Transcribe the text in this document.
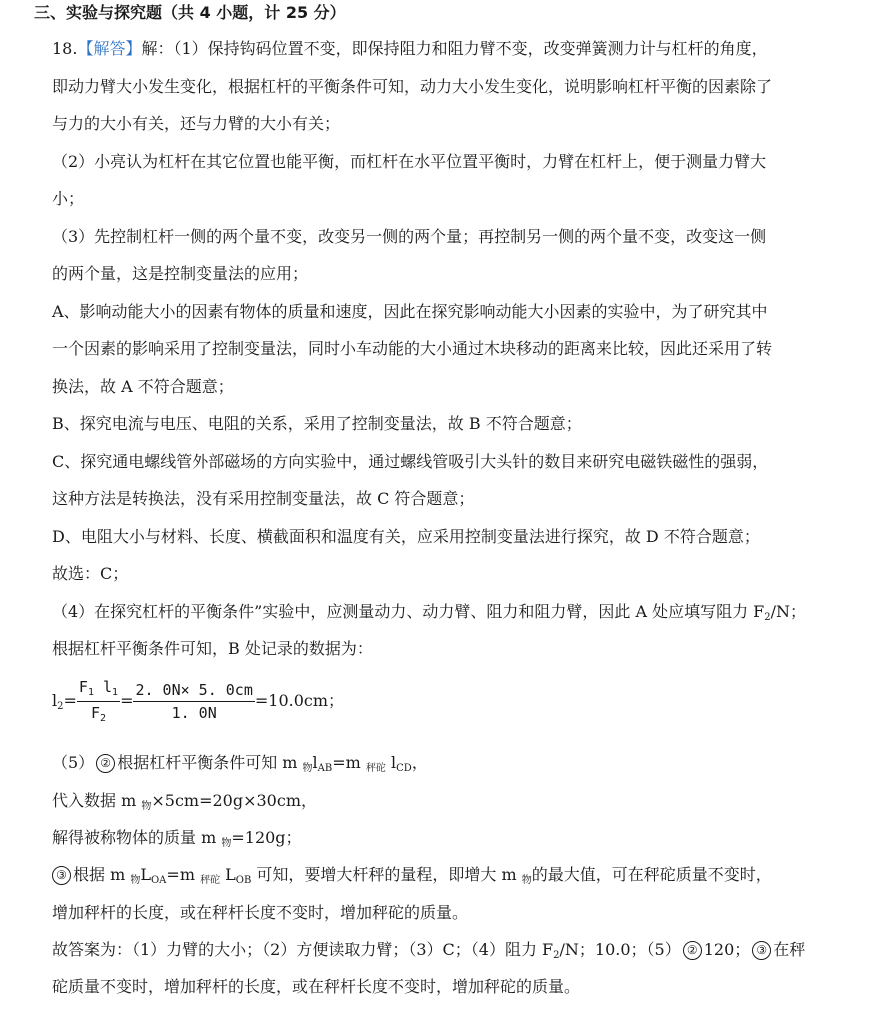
三、实验与探究题（共 4 小题，计 25 分）
18.【解答】解：（1）保持钩码位置不变，即保持阻力和阻力臂不变，改变弹簧测力计与杠杆的角度，
即动力臂大小发生变化，根据杠杆的平衡条件可知，动力大小发生变化，说明影响杠杆平衡的因素除了
与力的大小有关，还与力臂的大小有关；
（2）小亮认为杠杆在其它位置也能平衡，而杠杆在水平位置平衡时，力臂在杠杆上，便于测量力臂大
小；
（3）先控制杠杆一侧的两个量不变，改变另一侧的两个量；再控制另一侧的两个量不变，改变这一侧
的两个量，这是控制变量法的应用；
A、影响动能大小的因素有物体的质量和速度，因此在探究影响动能大小因素的实验中，为了研究其中
一个因素的影响采用了控制变量法，同时小车动能的大小通过木块移动的距离来比较，因此还采用了转
换法，故 A 不符合题意；
B、探究电流与电压、电阻的关系，采用了控制变量法，故 B 不符合题意；
C、探究通电螺线管外部磁场的方向实验中，通过螺线管吸引大头针的数目来研究电磁铁磁性的强弱，
这种方法是转换法，没有采用控制变量法，故 C 符合题意；
D、电阻大小与材料、长度、横截面积和温度有关，应采用控制变量法进行探究，故 D 不符合题意；
故选：C；
（4）在探究杠杆的平衡条件”实验中，应测量动力、动力臂、阻力和阻力臂，因此 A 处应填写阻力 F2/N；
根据杠杆平衡条件可知，B 处记录的数据为：
$l2= \frac{F_1 l_1}{F_2} = \frac{2. 0N\times 5. 0cm}{1. 0N} =10.0cm$；
（5） ② 根据杠杆平衡条件可知 m 物lAB=m 秤砣 lCD，
代入数据 m 物×5cm=20g×30cm，
解得被称物体的质量 m 物=120g；
③ 根据 m 物LOA=m 秤砣 LOB 可知，要增大杆秤的量程，即增大 m 物的最大值，可在秤砣质量不变时，
增加秤杆的长度，或在秤杆长度不变时，增加秤砣的质量。
故答案为：（1）力臂的大小；（2）方便读取力臂；（3）C；（4）阻力 F2/N；10.0；（5） ② 120； ③ 在秤
砣质量不变时，增加秤杆的长度，或在秤杆长度不变时，增加秤砣的质量。
